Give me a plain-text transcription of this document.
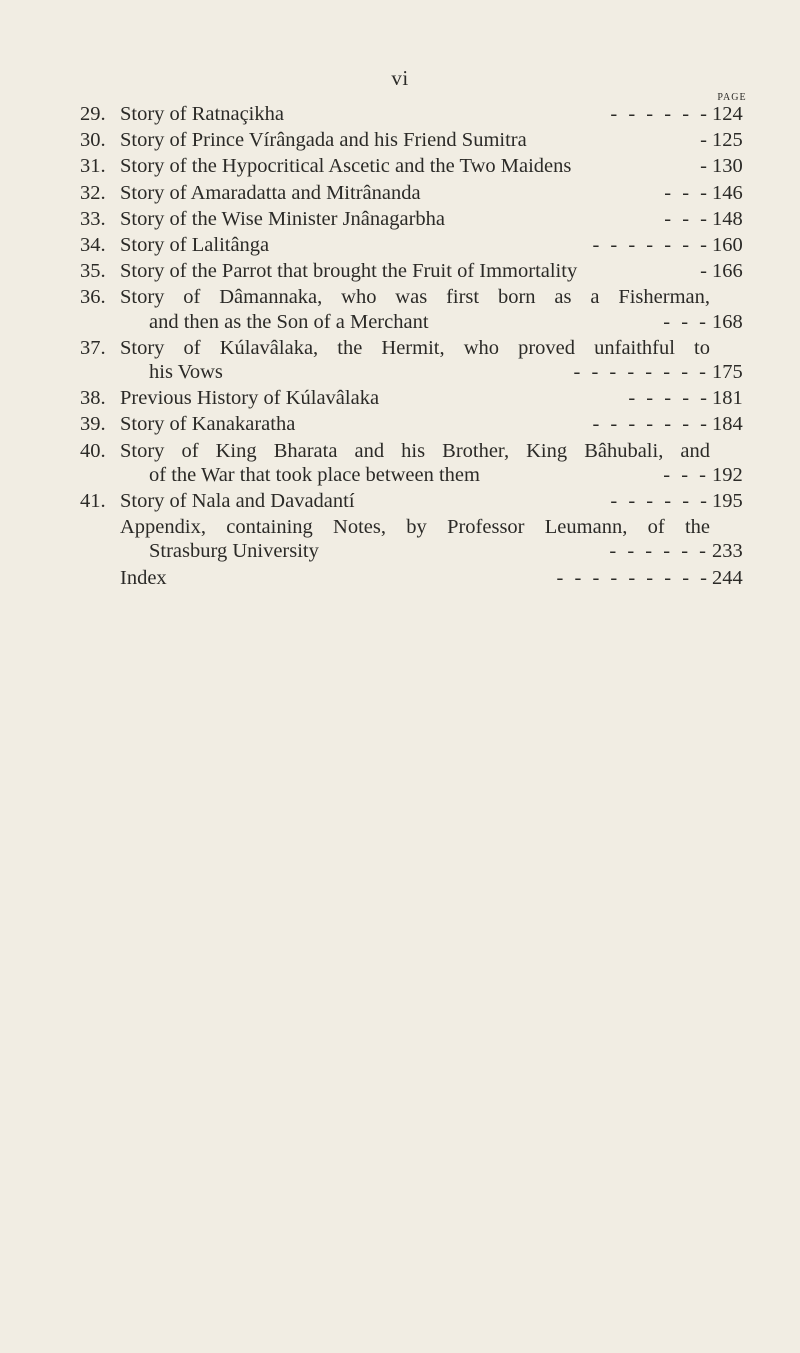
vi
PAGE
29. Story of Ratnaçikha	- - - - - - 124
30. Story of Prince Vírângada and his Friend Sumitra	- 125
31. Story of the Hypocritical Ascetic and the Two Maidens	- 130
32. Story of Amaradatta and Mitrânanda	- - - 146
33. Story of the Wise Minister Jnânagarbha	- - - 148
34. Story of Lalitânga	- - - - - - - 160
35. Story of the Parrot that brought the Fruit of Immortality	- 166
36. Story of Dâmannaka, who was first born as a Fisherman,
and then as the Son of a Merchant	- - - 168
37. Story of Kúlavâlaka, the Hermit, who proved unfaithful to
his Vows	- - - - - - - - 175
38. Previous History of Kúlavâlaka	- - - - - 181
39. Story of Kanakaratha	- - - - - - - 184
40. Story of King Bharata and his Brother, King Bâhubali, and
of the War that took place between them	- - - 192
41. Story of Nala and Davadantí	- - - - - - 195
Appendix, containing Notes, by Professor Leumann, of the
Strasburg University	- - - - - - 233
Index	- - - - - - - - - 244
